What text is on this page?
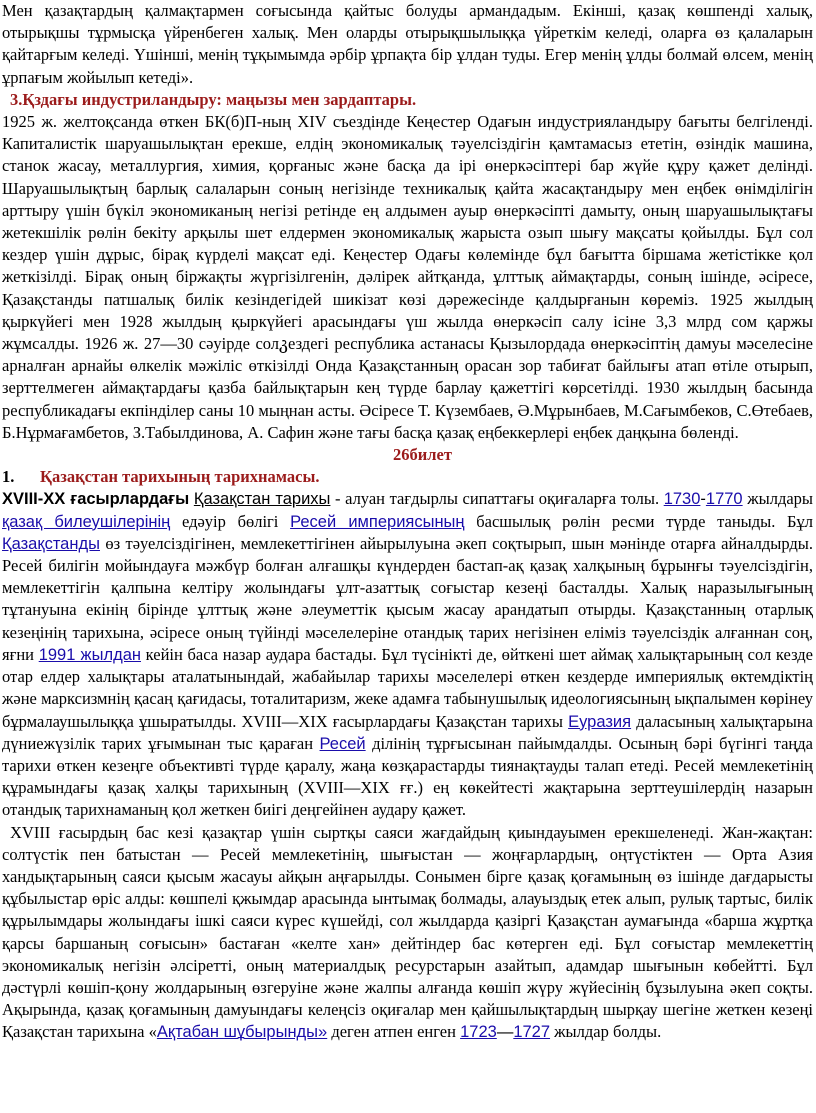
Мен қазақтардың қалмақтармен соғысында қайтыс болуды армандадым. Екінші, қазақ көшпенді халық, отырықшы тұрмысқа үйренбеген халық. Мен оларды отырықшылыққа үйреткім келеді, оларға өз қалаларын қайтарғым келеді. Үшінші, менің тұқымымда әрбір ұрпақта бір ұлдан туды. Егер менің ұлды болмай өлсем, менің ұрпағым жойылып кетеді».

3.Қздағы индустриландыру: маңызы мен зардаптары.

1925 ж. желтоқсанда өткен БК(б)П-ның XIV съездінде Кеңестер Одағын индустрияландыру бағыты белгіленді. Капиталистік шаруашылықтан ерекше, елдің экономикалық тәуелсіздігін қамтамасыз ететін, өзіндік машина, станок жасау, металлургия, химия, қорғаныс және басқа да ірі өнеркәсіптері бар жүйе құру қажет делінді. Шаруашылықтың барлық салаларын соның негізінде техникалық қайта жасақтандыру мен еңбек өнімділігін арттыру үшін бүкіл экономиканың негізі ретінде ең алдымен ауыр өнеркәсіпті дамыту, оның шаруашылықтағы жетекшілік рөлін бекіту арқылы шет елдермен экономикалық жарыста озып шығу мақсаты қойылды. Бұл сол кездер үшін дұрыс, бірақ күрделі мақсат еді. Кеңестер Одағы көлемінде бұл бағытта біршама жетістікке қол жеткізілді. Бірақ оның біржақты жүргізілгенін, дәлірек айтқанда, ұлттық аймақтарды, соның ішінде, әсіресе, Қазақстанды патшалық билік кезіндегідей шикізат көзі дәрежесінде қалдырғанын көреміз. 1925 жылдың қыркүйегі мен 1928 жылдың қыркүйегі арасындағы үш жылда өнеркәсіп салу ісіне 3,3 млрд сом қаржы жұмсалды. 1926 ж. 27—30 сәуірде солკездегі республика астанасы Қызылордада өнеркәсіптің дамуы мәселесіне арналған арнайы өлкелік мәжіліс өткізілді Онда Қазақстанның орасан зор табиғат байлығы атап өтіле отырып, зерттелмеген аймақтардағы қазба байлықтарын кең түрде барлау қажеттігі көрсетілді. 1930 жылдың басында республикадағы екпінділер саны 10 мыңнан асты. Әсіресе Т. Күзембаев, Ә.Мұрынбаев, М.Сағымбеков, С.Өтебаев, Б.Нұрмағамбетов, З.Табылдинова, А. Сафин және тағы басқа қазақ еңбеккерлері еңбек даңқына бөленді.

26билет

1.	Қазақстан тарихының тарихнамасы.

XVIII-XX ғасырлардағы Қазақстан тарихы - алуан тағдырлы сипаттағы оқиғаларға толы. 1730-1770 жылдары қазақ билеушілерінің едәуір бөлігі Ресей империясының басшылық рөлін ресми түрде таныды. Бұл Қазақстанды өз тәуелсіздігінен, мемлекеттігінен айырылуына әкеп соқтырып, шын мәнінде отарға айналдырды. Ресей билігін мойындауға мәжбүр болған алғашқы күндерден бастап-ақ қазақ халқының бұрынғы тәуелсіздігін, мемлекеттігін қалпына келтіру жолындағы ұлт-азаттық соғыстар кезеңі басталды. Халық наразылығының тұтануына екінің бірінде ұлттық және әлеуметтік қысым жасау арандатып отырды. Қазақстанның отарлық кезеңінің тарихына, әсіресе оның түйінді мәселелеріне отандық тарих негізінен еліміз тәуелсіздік алғаннан соң, яғни 1991 жылдан кейін баса назар аудара бастады. Бұл түсінікті де, өйткені шет аймақ халықтарының сол кезде отар елдер халықтары аталатынындай, жабайылар тарихы мәселелері өткен кездерде империялық өктемдіктің және марксизмнің қасаң қағидасы, тоталитаризм, жеке адамға табынушылық идеологиясының ықпалымен көрінеу бұрмалаушылыққа ұшыратылды. XVIII—XIX ғасырлардағы Қазақстан тарихы Еуразия даласының халықтарына дүниежүзілік тарих ұғымынан тыс қараған Ресей ділінің тұрғысынан пайымдалды. Осының бәрі бүгінгі таңда тарихи өткен кезеңге объективті түрде қаралу, жаңа көзқарастарды тиянақтауды талап етеді. Ресей мемлекетінің құрамындағы қазақ халқы тарихының (XVIII—XIX ғғ.) ең көкейтесті жақтарына зерттеушілердің назарын отандық тарихнаманың қол жеткен биігі деңгейінен аудару қажет.

XVIII ғасырдың бас кезі қазақтар үшін сыртқы саяси жағдайдың қиындауымен ерекшеленеді. Жан-жақтан: солтүстік пен батыстан — Ресей мемлекетінің, шығыстан — жоңғарлардың, оңтүстіктен — Орта Азия хандықтарының саяси қысым жасауы айқын аңғарылды. Сонымен бірге қазақ қоғамының өз ішінде дағдарысты құбылыстар өріс алды: көшпелі қжымдар арасында ынтымақ болмады, алауыздық етек алып, рулық тартыс, билік құрылымдары жолындағы ішкі саяси күрес күшейді, сол жылдарда қазіргі Қазақстан аумағында «барша жұртқа қарсы баршаның соғысын» бастаған «келте хан» дейтіндер бас көтерген еді. Бұл соғыстар мемлекеттің экономикалық негізін әлсіретті, оның материалдық ресурстарын азайтып, адамдар шығынын көбейтті. Бұл дәстүрлі көшіп-қону жолдарының өзгеруіне және жалпы алғанда көшіп жүру жүйесінің бұзылуына әкеп соқты. Ақырында, қазақ қоғамының дамуындағы келеңсіз оқиғалар мен қайшылықтардың шырқау шегіне жеткен кезеңі Қазақстан тарихына «Ақтабан шұбырынды» деген атпен енген 1723—1727 жылдар болды.
